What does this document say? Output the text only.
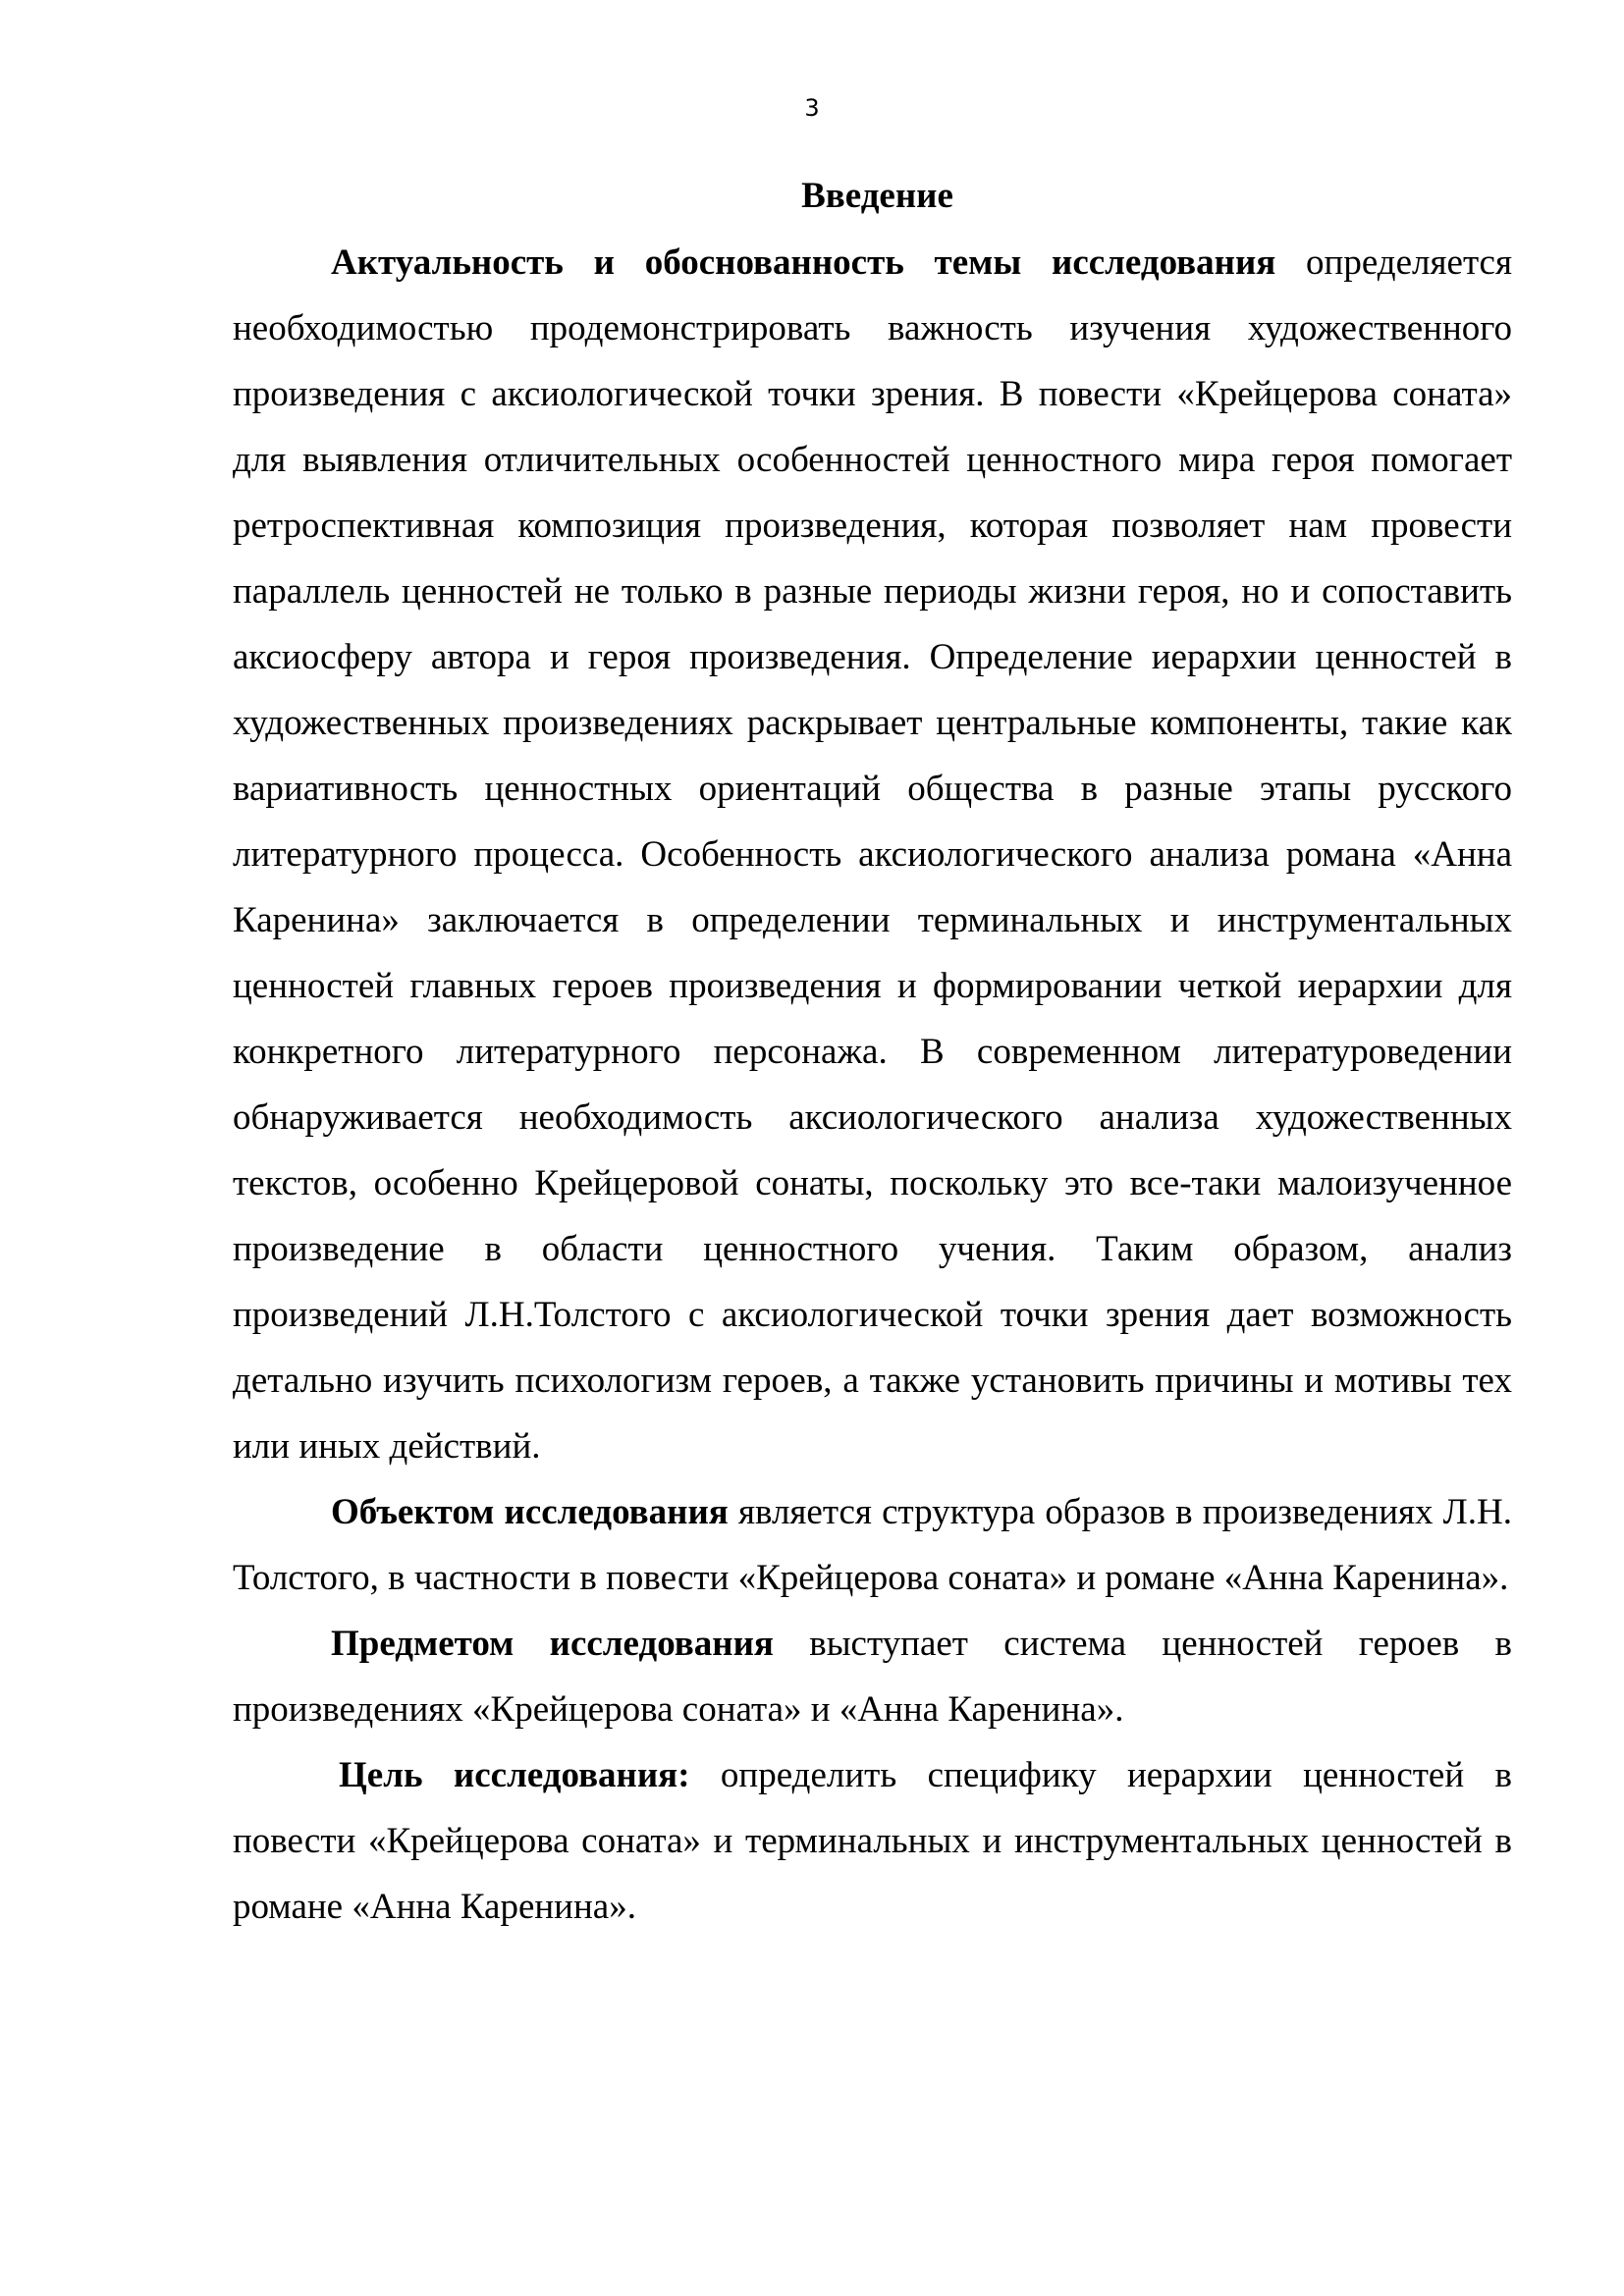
3
Введение

Актуальность и обоснованность темы исследования определяется необходимостью продемонстрировать важность изучения художественного произведения с аксиологической точки зрения. В повести «Крейцерова соната» для выявления отличительных особенностей ценностного мира героя помогает ретроспективная композиция произведения, которая позволяет нам провести параллель ценностей не только в разные периоды жизни героя, но и сопоставить аксиосферу автора и героя произведения. Определение иерархии ценностей в художественных произведениях раскрывает центральные компоненты, такие как вариативность ценностных ориентаций общества в разные этапы русского литературного процесса. Особенность аксиологического анализа романа «Анна Каренина» заключается в определении терминальных и инструментальных ценностей главных героев произведения и формировании четкой иерархии для конкретного литературного персонажа. В современном литературоведении обнаруживается необходимость аксиологического анализа художественных текстов, особенно Крейцеровой сонаты, поскольку это все-таки малоизученное произведение в области ценностного учения. Таким образом, анализ произведений Л.Н.Толстого с аксиологической точки зрения дает возможность детально изучить психологизм героев, а также установить причины и мотивы тех или иных действий.

Объектом исследования является структура образов в произведениях Л.Н. Толстого, в частности в повести «Крейцерова соната» и романе «Анна Каренина».

Предметом исследования выступает система ценностей героев в произведениях «Крейцерова соната» и «Анна Каренина».

Цель исследования: определить специфику иерархии ценностей в повести «Крейцерова соната» и терминальных и инструментальных ценностей в романе «Анна Каренина».
